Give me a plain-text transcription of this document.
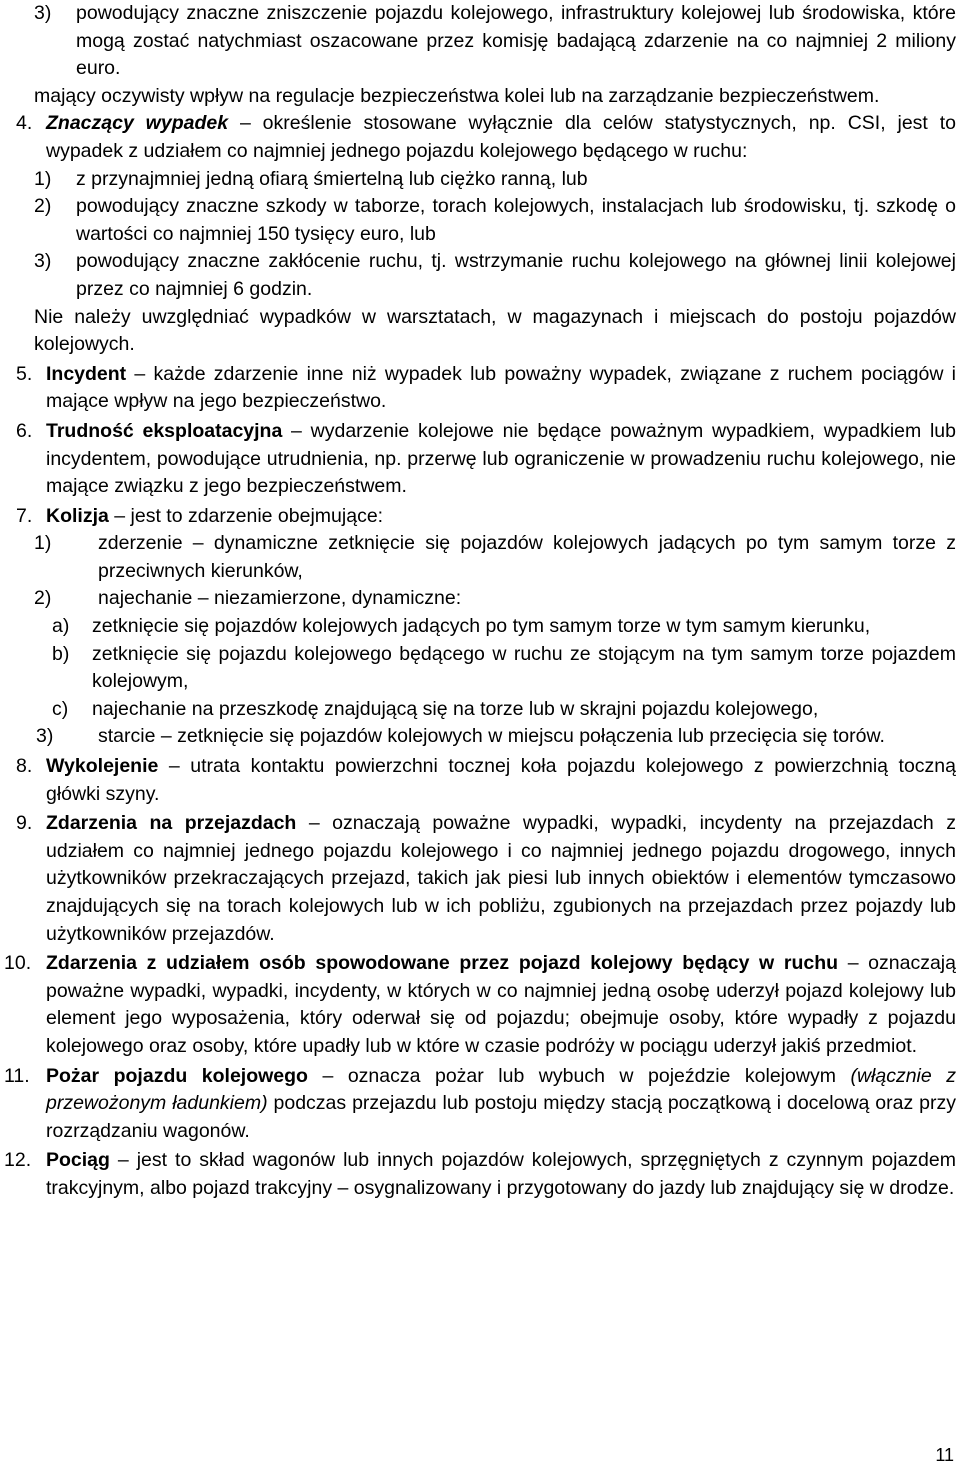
3)	powodujący znaczne zniszczenie pojazdu kolejowego, infrastruktury kolejowej lub środowiska, które mogą zostać natychmiast oszacowane przez komisję badającą zdarzenie na co najmniej 2 miliony euro.
mający oczywisty wpływ na regulacje bezpieczeństwa kolei lub na zarządzanie bezpieczeństwem.
4. Znaczący wypadek – określenie stosowane wyłącznie dla celów statystycznych, np. CSI, jest to wypadek z udziałem co najmniej jednego pojazdu kolejowego będącego w ruchu:
1)	z przynajmniej jedną ofiarą śmiertelną lub ciężko ranną, lub
2)	powodujący znaczne szkody w taborze, torach kolejowych, instalacjach lub środowisku, tj. szkodę o wartości co najmniej 150 tysięcy euro, lub
3)	powodujący znaczne zakłócenie ruchu, tj. wstrzymanie ruchu kolejowego na głównej linii kolejowej przez co najmniej 6 godzin.

Nie należy uwzględniać wypadków w warsztatach, w magazynach i miejscach do postoju pojazdów kolejowych.

5. Incydent – każde zdarzenie inne niż wypadek lub poważny wypadek, związane z ruchem pociągów i mające wpływ na jego bezpieczeństwo.
6. Trudność eksploatacyjna – wydarzenie kolejowe nie będące poważnym wypadkiem, wypadkiem lub incydentem, powodujące utrudnienia, np. przerwę lub ograniczenie w prowadzeniu ruchu kolejowego, nie mające związku z jego bezpieczeństwem.
7. Kolizja – jest to zdarzenie obejmujące:
1)	zderzenie – dynamiczne zetknięcie się pojazdów kolejowych jadących po tym samym torze z przeciwnych kierunków,
2)	najechanie – niezamierzone, dynamiczne:
a)	zetknięcie się pojazdów kolejowych jadących po tym samym torze w tym samym kierunku,
b)	zetknięcie się pojazdu kolejowego będącego w ruchu ze stojącym na tym samym torze pojazdem kolejowym,
c)	najechanie na przeszkodę znajdującą się na torze lub w skrajni pojazdu kolejowego,
3)	starcie – zetknięcie się pojazdów kolejowych w miejscu połączenia lub przecięcia się torów.
8. Wykolejenie – utrata kontaktu powierzchni tocznej koła pojazdu kolejowego z powierzchnią toczną główki szyny.
9. Zdarzenia na przejazdach – oznaczają poważne wypadki, wypadki, incydenty na przejazdach z udziałem co najmniej jednego pojazdu kolejowego i co najmniej jednego pojazdu drogowego, innych użytkowników przekraczających przejazd, takich jak piesi lub innych obiektów i elementów tymczasowo znajdujących się na torach kolejowych lub w ich pobliżu, zgubionych na przejazdach przez pojazdy lub użytkowników przejazdów.
10. Zdarzenia z udziałem osób spowodowane przez pojazd kolejowy będący w ruchu – oznaczają poważne wypadki, wypadki, incydenty, w których w co najmniej jedną osobę uderzył pojazd kolejowy lub element jego wyposażenia, który oderwał się od pojazdu; obejmuje osoby, które wypadły z pojazdu kolejowego oraz osoby, które upadły lub w które w czasie podróży w pociągu uderzył jakiś przedmiot.
11. Pożar pojazdu kolejowego – oznacza pożar lub wybuch w pojeździe kolejowym (włącznie z przewożonym ładunkiem) podczas przejazdu lub postoju między stacją początkową i docelową oraz przy rozrządzaniu wagonów.
12. Pociąg – jest to skład wagonów lub innych pojazdów kolejowych, sprzęgniętych z czynnym pojazdem trakcyjnym, albo pojazd trakcyjny – osygnalizowany i przygotowany do jazdy lub znajdujący się w drodze.
11
